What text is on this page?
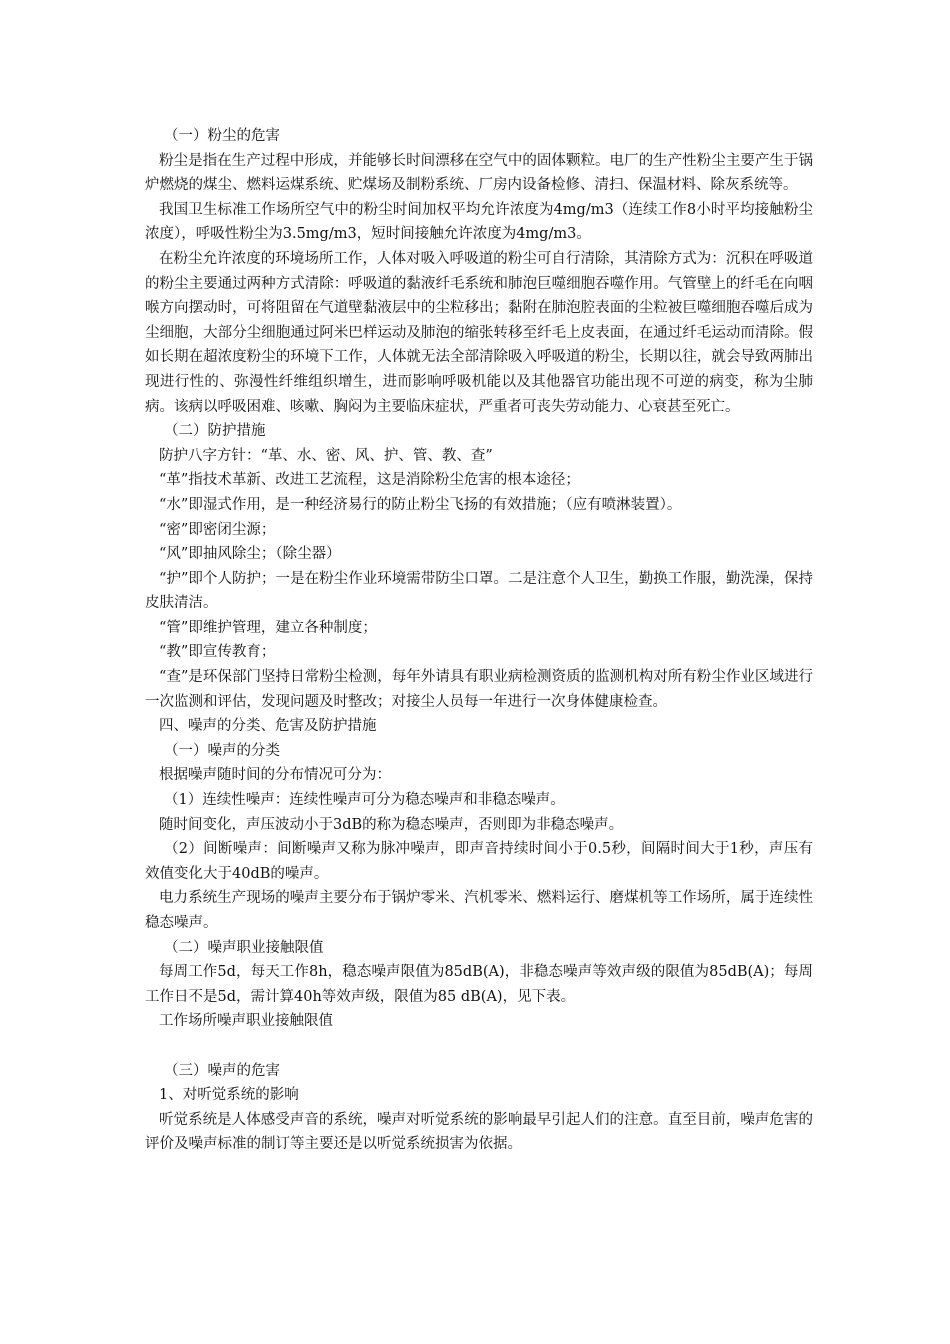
（一）粉尘的危害

粉尘是指在生产过程中形成，并能够长时间漂移在空气中的固体颗粒。电厂的生产性粉尘主要产生于锅炉燃烧的煤尘、燃料运煤系统、贮煤场及制粉系统、厂房内设备检修、清扫、保温材料、除灰系统等。

我国卫生标准工作场所空气中的粉尘时间加权平均允许浓度为4mg/m3（连续工作8小时平均接触粉尘浓度），呼吸性粉尘为3.5mg/m3，短时间接触允许浓度为4mg/m3。

在粉尘允许浓度的环境场所工作，人体对吸入呼吸道的粉尘可自行清除，其清除方式为：沉积在呼吸道的粉尘主要通过两种方式清除：呼吸道的黏液纤毛系统和肺泡巨噬细胞吞噬作用。气管壁上的纤毛在向咽喉方向摆动时，可将阻留在气道壁黏液层中的尘粒移出；黏附在肺泡腔表面的尘粒被巨噬细胞吞噬后成为尘细胞，大部分尘细胞通过阿米巴样运动及肺泡的缩张转移至纤毛上皮表面，在通过纤毛运动而清除。假如长期在超浓度粉尘的环境下工作，人体就无法全部清除吸入呼吸道的粉尘，长期以往，就会导致两肺出现进行性的、弥漫性纤维组织增生，进而影响呼吸机能以及其他器官功能出现不可逆的病变，称为尘肺病。该病以呼吸困难、咳嗽、胸闷为主要临床症状，严重者可丧失劳动能力、心衰甚至死亡。

（二）防护措施

防护八字方针：“革、水、密、风、护、管、教、查”

“革”指技术革新、改进工艺流程，这是消除粉尘危害的根本途径；

“水”即湿式作用，是一种经济易行的防止粉尘飞扬的有效措施；（应有喷淋装置）。

“密”即密闭尘源；

“风”即抽风除尘；（除尘器）

“护”即个人防护；一是在粉尘作业环境需带防尘口罩。二是注意个人卫生，勤换工作服，勤洗澡，保持皮肤清洁。

“管”即维护管理，建立各种制度；

“教”即宣传教育；

“查”是环保部门坚持日常粉尘检测，每年外请具有职业病检测资质的监测机构对所有粉尘作业区域进行一次监测和评估，发现问题及时整改；对接尘人员每一年进行一次身体健康检查。

四、噪声的分类、危害及防护措施

（一）噪声的分类

根据噪声随时间的分布情况可分为：

（1）连续性噪声：连续性噪声可分为稳态噪声和非稳态噪声。

随时间变化，声压波动小于3dB的称为稳态噪声，否则即为非稳态噪声。

（2）间断噪声：间断噪声又称为脉冲噪声，即声音持续时间小于0.5秒，间隔时间大于1秒，声压有效值变化大于40dB的噪声。

电力系统生产现场的噪声主要分布于锅炉零米、汽机零米、燃料运行、磨煤机等工作场所，属于连续性稳态噪声。

（二）噪声职业接触限值

每周工作5d，每天工作8h，稳态噪声限值为85dB(A)，非稳态噪声等效声级的限值为85dB(A)；每周工作日不是5d，需计算40h等效声级，限值为85 dB(A)，见下表。

工作场所噪声职业接触限值

（三）噪声的危害

1、对听觉系统的影响

听觉系统是人体感受声音的系统，噪声对听觉系统的影响最早引起人们的注意。直至目前，噪声危害的评价及噪声标准的制订等主要还是以听觉系统损害为依据。
